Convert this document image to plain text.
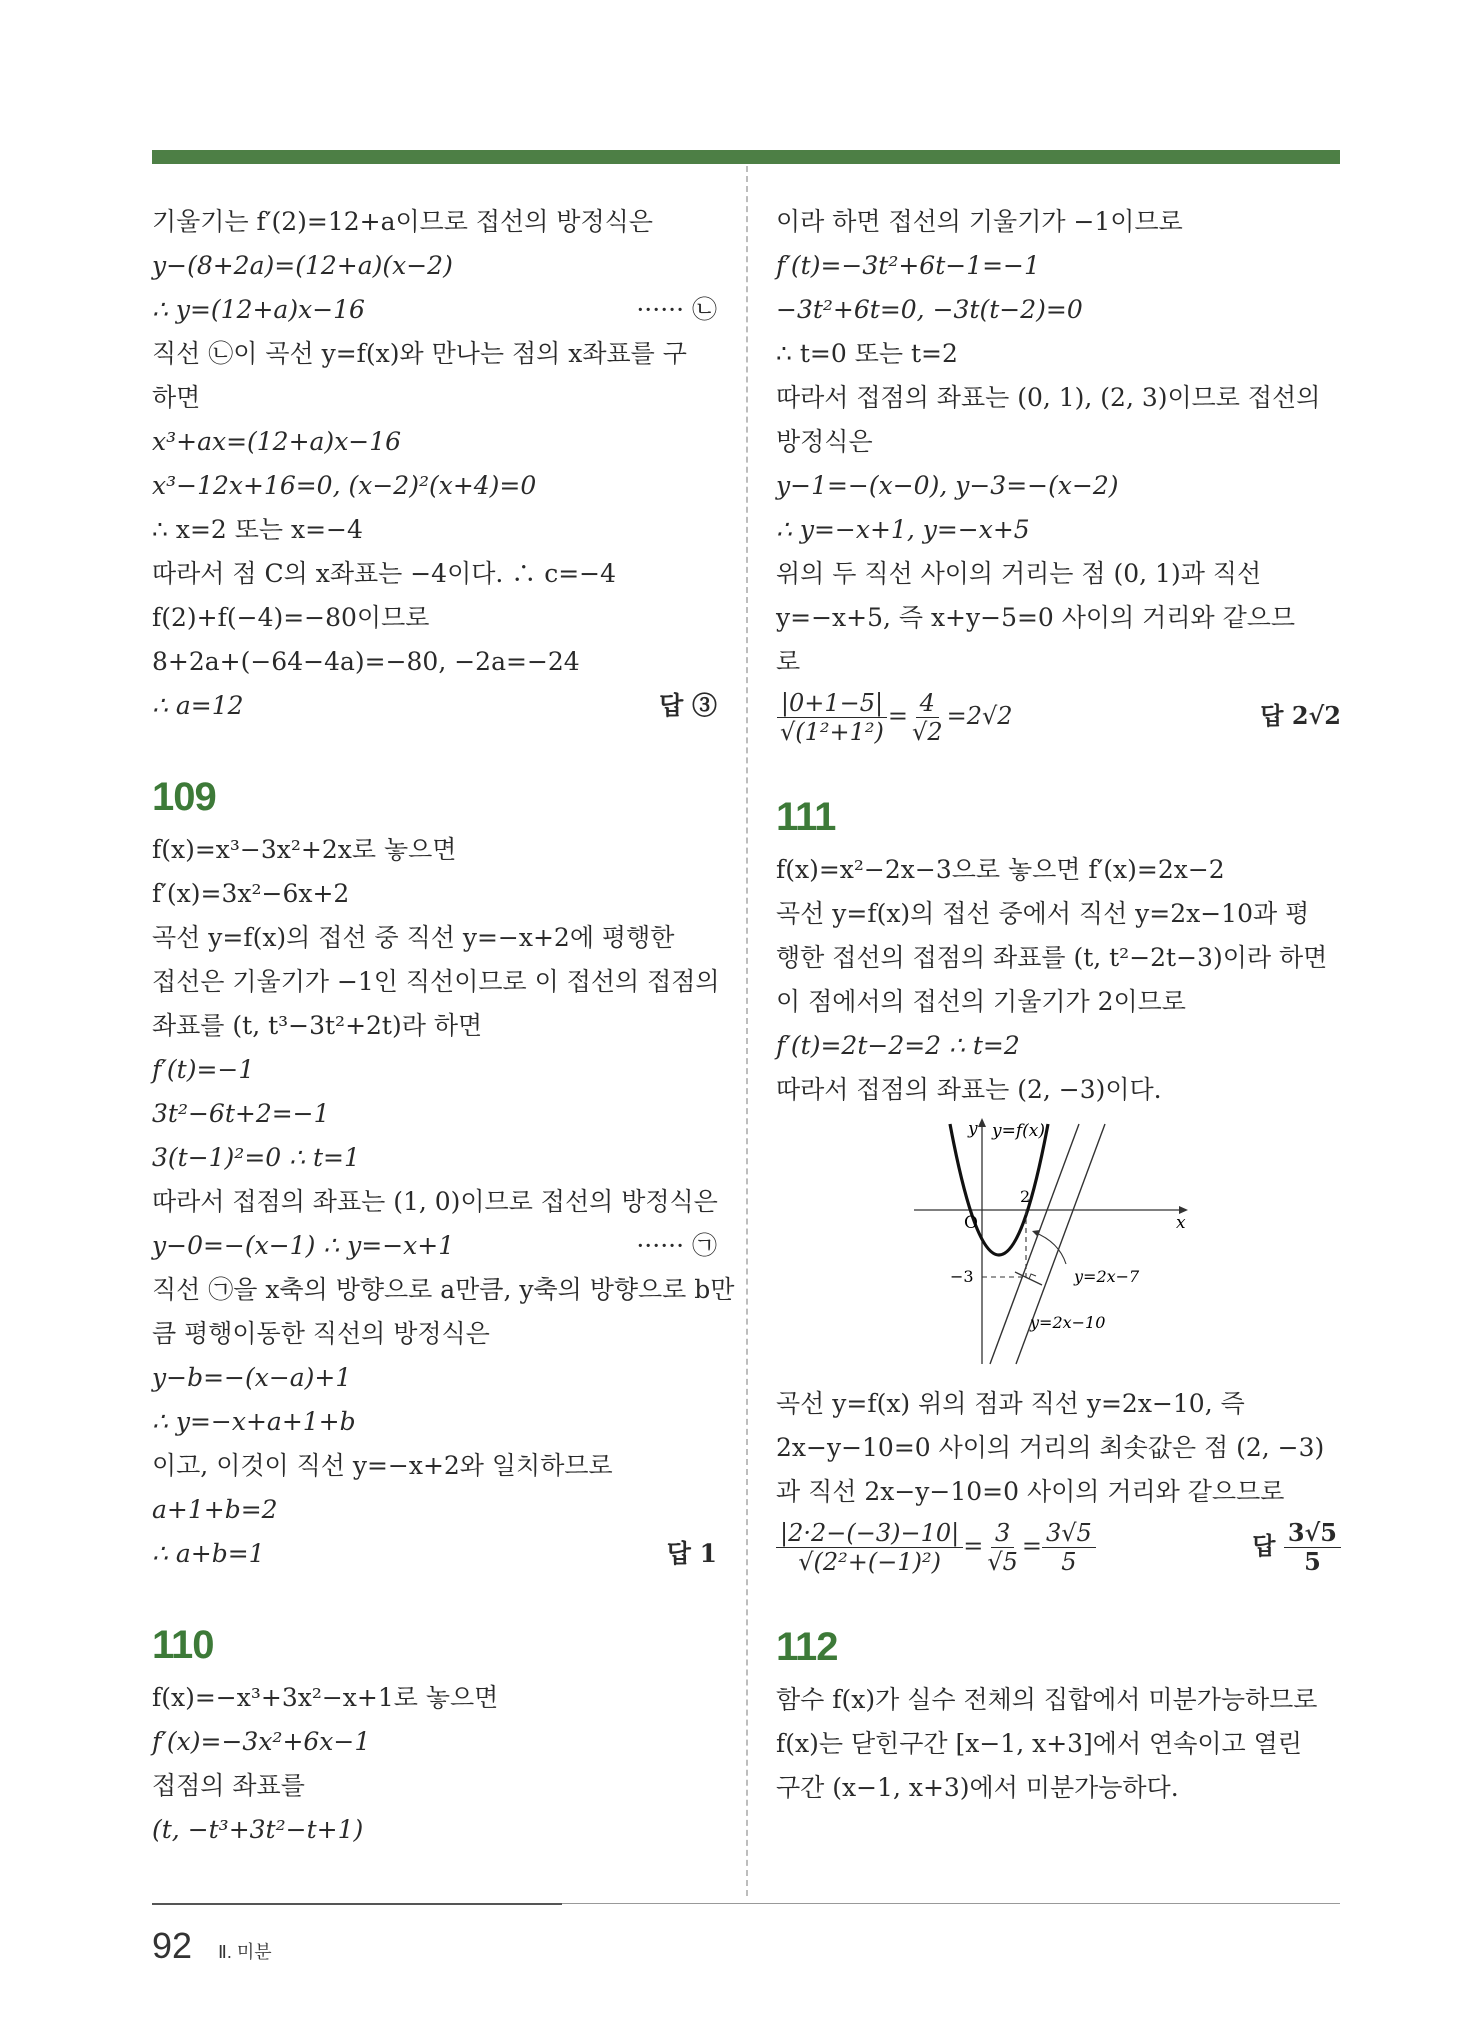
기울기는 f′(2)=12+a이므로 접선의 방정식은
y−(8+2a)=(12+a)(x−2)
∴ y=(12+a)x−16	······ ㉡
직선 ㉡이 곡선 y=f(x)와 만나는 점의 x좌표를 구
하면
x³+ax=(12+a)x−16
x³−12x+16=0, (x−2)²(x+4)=0
∴ x=2 또는 x=−4
따라서 점 C의 x좌표는 −4이다. ∴ c=−4
f(2)+f(−4)=−80이므로
8+2a+(−64−4a)=−80, −2a=−24
∴ a=12	답 ③
109
f(x)=x³−3x²+2x로 놓으면
f′(x)=3x²−6x+2
곡선 y=f(x)의 접선 중 직선 y=−x+2에 평행한
접선은 기울기가 −1인 직선이므로 이 접선의 접점의
좌표를 (t, t³−3t²+2t)라 하면
f′(t)=−1
3t²−6t+2=−1
3(t−1)²=0 ∴ t=1
따라서 접점의 좌표는 (1, 0)이므로 접선의 방정식은
y−0=−(x−1) ∴ y=−x+1	······ ㉠
직선 ㉠을 x축의 방향으로 a만큼, y축의 방향으로 b만
큼 평행이동한 직선의 방정식은
y−b=−(x−a)+1
∴ y=−x+a+1+b
이고, 이것이 직선 y=−x+2와 일치하므로
a+1+b=2
∴ a+b=1	답 1
110
f(x)=−x³+3x²−x+1로 놓으면
f′(x)=−3x²+6x−1
접점의 좌표를
(t, −t³+3t²−t+1)
이라 하면 접선의 기울기가 −1이므로
f′(t)=−3t²+6t−1=−1
−3t²+6t=0, −3t(t−2)=0
∴ t=0 또는 t=2
따라서 접점의 좌표는 (0, 1), (2, 3)이므로 접선의
방정식은
y−1=−(x−0), y−3=−(x−2)
∴ y=−x+1, y=−x+5
위의 두 직선 사이의 거리는 점 (0, 1)과 직선
y=−x+5, 즉 x+y−5=0 사이의 거리와 같으므
로
$\frac{|0+1-5|}{\text{√(1²+1²)}} = \frac{4}{√2} =2√2$	답 2√2
111
f(x)=x²−2x−3으로 놓으면 f′(x)=2x−2
곡선 y=f(x)의 접선 중에서 직선 y=2x−10과 평
행한 접선의 접점의 좌표를 (t, t²−2t−3)이라 하면
이 점에서의 접선의 기울기가 2이므로
f′(t)=2t−2=2 ∴ t=2
따라서 접점의 좌표는 (2, −3)이다.
y
x
O
y=f(x)
2
−3	y=2x−7
y=2x−10
곡선 y=f(x) 위의 점과 직선 y=2x−10, 즉
2x−y−10=0 사이의 거리의 최솟값은 점 (2, −3)
과 직선 2x−y−10=0 사이의 거리와 같으므로
$\frac{|2\cdot 2-(-3)-10|}{\text{√(2²+(−1)²)}} = \frac{3}{√5} = \frac{3√5}{5}$	답 $\frac{3√5}{5}$
112
함수 f(x)가 실수 전체의 집합에서 미분가능하므로
f(x)는 닫힌구간 [x−1, x+3]에서 연속이고 열린
구간 (x−1, x+3)에서 미분가능하다.
92 Ⅱ. 미분
